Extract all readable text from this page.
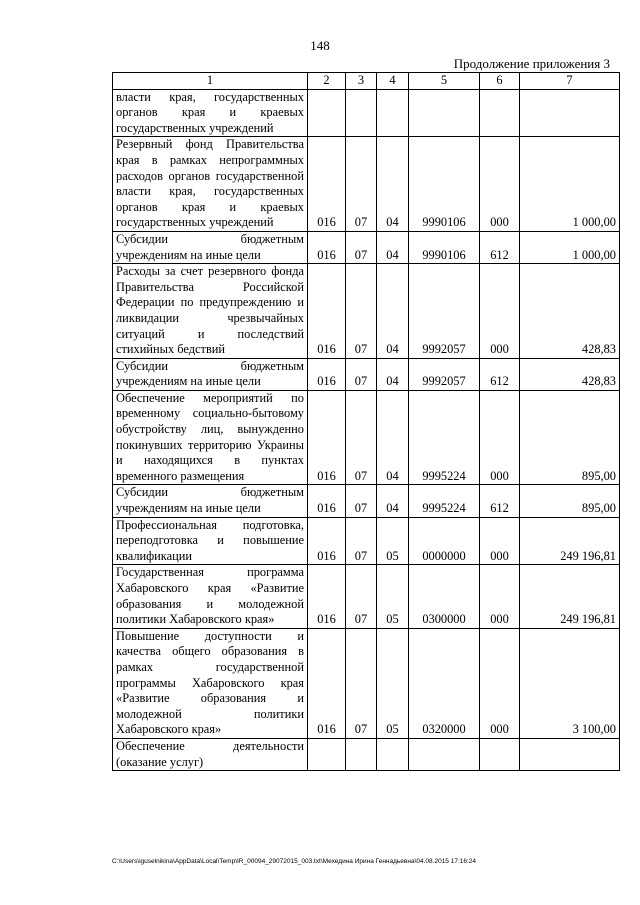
148
Продолжение приложения 3
1	2	3	4	5	6	7
власти края, государственных органов края и краевых государственных учреждений						
Резервный фонд Правительства края в рамках непрограммных расходов органов государственной власти края, государственных органов края и краевых государственных учреждений	016	07	04	9990106	000	1 000,00
Субсидии бюджетным учреждениям на иные цели	016	07	04	9990106	612	1 000,00
Расходы за счет резервного фонда Правительства Российской Федерации по предупреждению и ликвидации чрезвычайных ситуаций и последствий стихийных бедствий	016	07	04	9992057	000	428,83
Субсидии бюджетным учреждениям на иные цели	016	07	04	9992057	612	428,83
Обеспечение мероприятий по временному социально-бытовому обустройству лиц, вынужденно покинувших территорию Украины и находящихся в пунктах временного размещения	016	07	04	9995224	000	895,00
Субсидии бюджетным учреждениям на иные цели	016	07	04	9995224	612	895,00
Профессиональная подготовка, переподготовка и повышение квалификации	016	07	05	0000000	000	249 196,81
Государственная программа Хабаровского края «Развитие образования и молодежной политики Хабаровского края»	016	07	05	0300000	000	249 196,81
Повышение доступности и качества общего образования в рамках государственной программы Хабаровского края «Развитие образования и молодежной политики Хабаровского края»	016	07	05	0320000	000	3 100,00
Обеспечение деятельности (оказание услуг)						
C:\Users\iguselnikina\AppData\Local\Temp\IR_00094_29072015_003.txt\Мехедина Ирина Геннадьевна\04.08.2015 17:16:24
